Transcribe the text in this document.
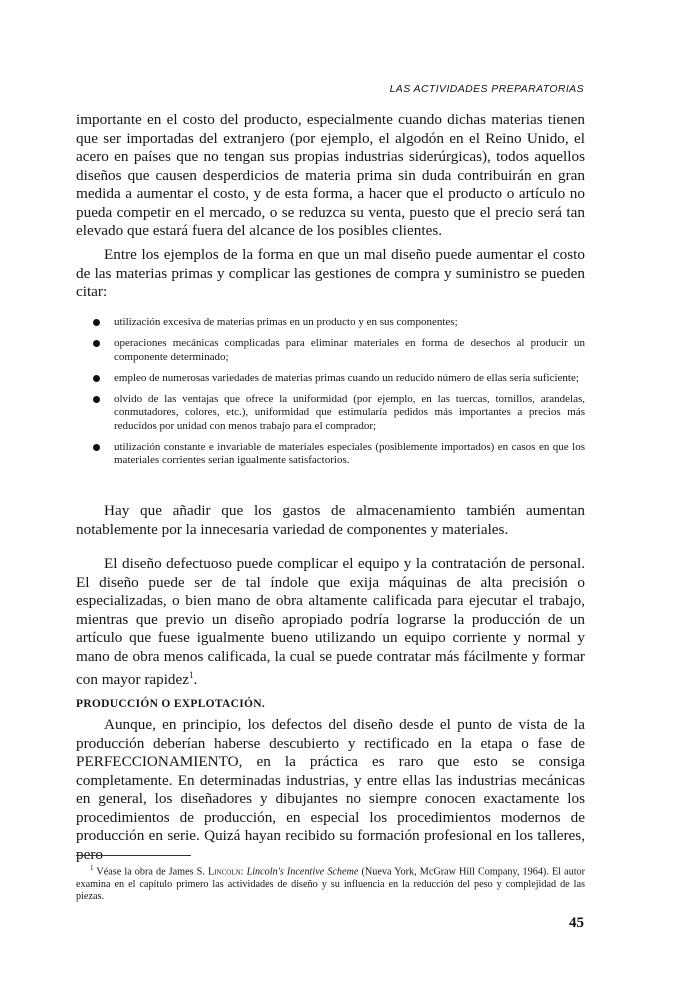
LAS ACTIVIDADES PREPARATORIAS

importante en el costo del producto, especialmente cuando dichas materias tienen que ser importadas del extranjero (por ejemplo, el algodón en el Reino Unido, el acero en países que no tengan sus propias industrias siderúrgicas), todos aquellos diseños que causen desperdicios de materia prima sin duda contribuirán en gran medida a aumentar el costo, y de esta forma, a hacer que el producto o artículo no pueda competir en el mercado, o se reduzca su venta, puesto que el precio será tan elevado que estará fuera del alcance de los posibles clientes.

Entre los ejemplos de la forma en que un mal diseño puede aumentar el costo de las materias primas y complicar las gestiones de compra y suministro se pueden citar:

utilización excesiva de materias primas en un producto y en sus componentes;
operaciones mecánicas complicadas para eliminar materiales en forma de desechos al producir un componente determinado;
empleo de numerosas variedades de materias primas cuando un reducido número de ellas sería suficiente;
olvido de las ventajas que ofrece la uniformidad (por ejemplo, en las tuercas, tornillos, arandelas, conmutadores, colores, etc.), uniformidad que estimularía pedidos más importantes a precios más reducidos por unidad con menos trabajo para el comprador;
utilización constante e invariable de materiales especiales (posiblemente importados) en casos en que los materiales corrientes serían igualmente satisfactorios.

Hay que añadir que los gastos de almacenamiento también aumentan notablemente por la innecesaria variedad de componentes y materiales.

El diseño defectuoso puede complicar el equipo y la contratación de personal. El diseño puede ser de tal índole que exija máquinas de alta precisión o especializadas, o bien mano de obra altamente calificada para ejecutar el trabajo, mientras que previo un diseño apropiado podría lograrse la producción de un artículo que fuese igualmente bueno utilizando un equipo corriente y normal y mano de obra menos calificada, la cual se puede contratar más fácilmente y formar con mayor rapidez$^1$.

PRODUCCIÓN O EXPLOTACIÓN.

Aunque, en principio, los defectos del diseño desde el punto de vista de la producción deberían haberse descubierto y rectificado en la etapa o fase de PERFECCIONAMIENTO, en la práctica es raro que esto se consiga completamente. En determinadas industrias, y entre ellas las industrias mecánicas en general, los diseñadores y dibujantes no siempre conocen exactamente los procedimientos de producción, en especial los procedimientos modernos de producción en serie. Quizá hayan recibido su formación profesional en los talleres, pero

$^1$ Véase la obra de James S. Lincoln: Lincoln's Incentive Scheme (Nueva York, McGraw Hill Company, 1964). El autor examina en el capítulo primero las actividades de diseño y su influencia en la reducción del peso y complejidad de las piezas.

45
